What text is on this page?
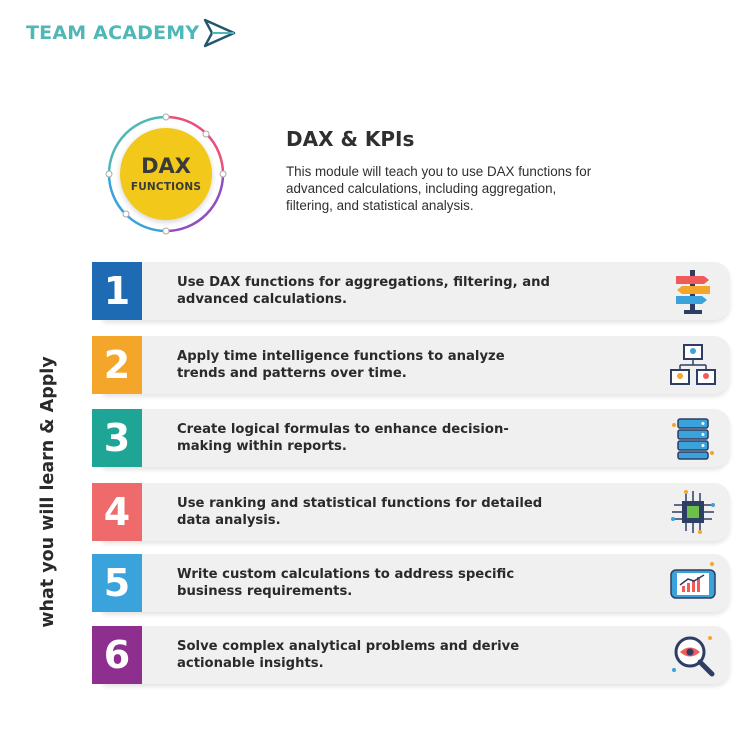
TEAM ACADEMY
DAX
FUNCTIONS
DAX & KPIs
This module will teach you to use DAX functions for advanced calculations, including aggregation, filtering, and statistical analysis.
what you will learn & Apply
1	Use DAX functions for aggregations, filtering, and advanced calculations.
2	Apply time intelligence functions to analyze trends and patterns over time.
3	Create logical formulas to enhance decision-making within reports.
4	Use ranking and statistical functions for detailed data analysis.
5	Write custom calculations to address specific business requirements.
6	Solve complex analytical problems and derive actionable insights.
